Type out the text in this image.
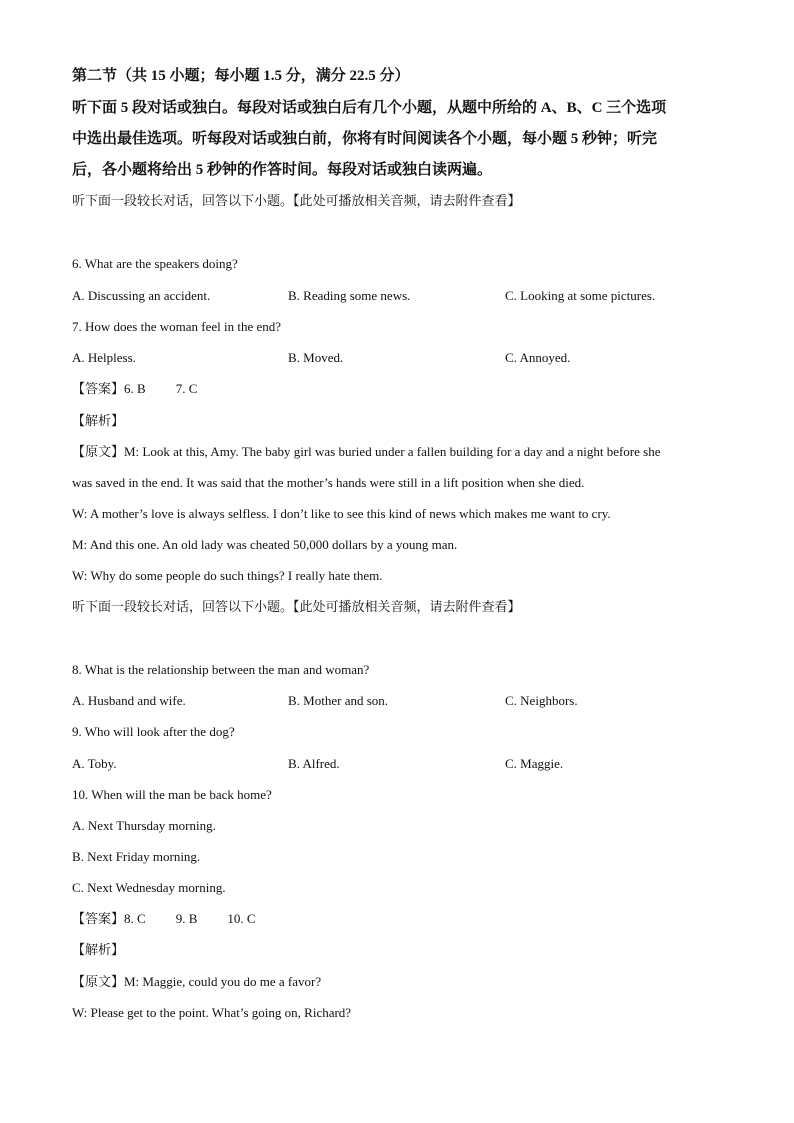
第二节（共 15 小题；每小题 1.5 分，满分 22.5 分）
听下面 5 段对话或独白。每段对话或独白后有几个小题，从题中所给的 A、B、C 三个选项
中选出最佳选项。听每段对话或独白前，你将有时间阅读各个小题，每小题 5 秒钟；听完
后，各小题将给出 5 秒钟的作答时间。每段对话或独白读两遍。
听下面一段较长对话，回答以下小题。【此处可播放相关音频，请去附件查看】
6. What are the speakers doing?
A. Discussing an accident.	B. Reading some news.	C. Looking at some pictures.
7. How does the woman feel in the end?
A. Helpless.	B. Moved.	C. Annoyed.
【答案】6. B 7. C
【解析】
【原文】M: Look at this, Amy. The baby girl was buried under a fallen building for a day and a night before she
was saved in the end. It was said that the mother’s hands were still in a lift position when she died.
W: A mother’s love is always selfless. I don’t like to see this kind of news which makes me want to cry.
M: And this one. An old lady was cheated 50,000 dollars by a young man.
W: Why do some people do such things? I really hate them.
听下面一段较长对话，回答以下小题。【此处可播放相关音频，请去附件查看】
8. What is the relationship between the man and woman?
A. Husband and wife.	B. Mother and son.	C. Neighbors.
9. Who will look after the dog?
A. Toby.	B. Alfred.	C. Maggie.
10. When will the man be back home?
A. Next Thursday morning.
B. Next Friday morning.
C. Next Wednesday morning.
【答案】8. C 9. B 10. C
【解析】
【原文】M: Maggie, could you do me a favor?
W: Please get to the point. What’s going on, Richard?
